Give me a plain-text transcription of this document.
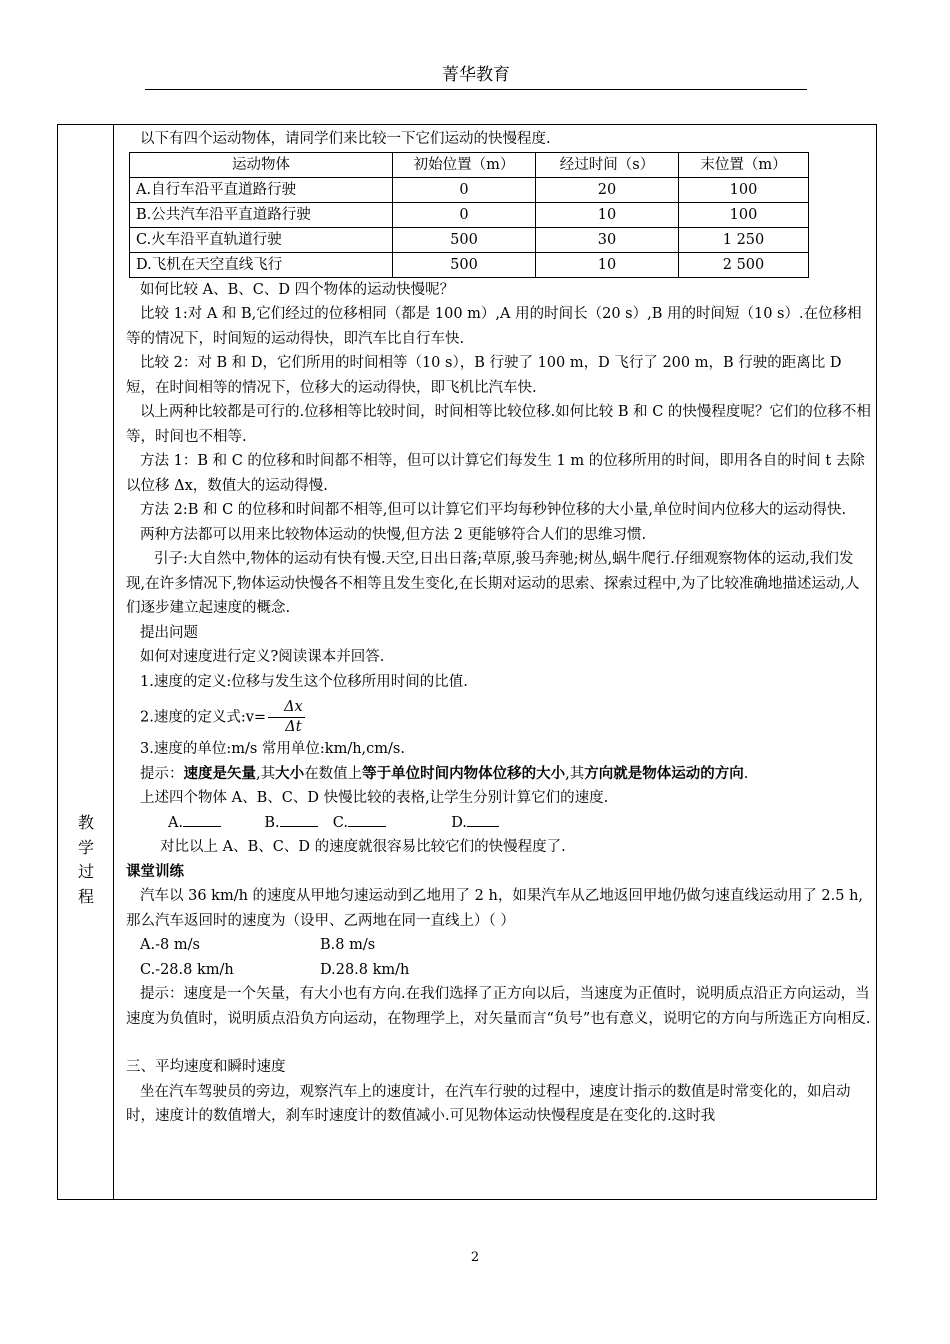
菁华教育
教
学
过
程

以下有四个运动物体，请同学们来比较一下它们运动的快慢程度.

运动物体	初始位置（m）	经过时间（s）	末位置（m）
A.自行车沿平直道路行驶	0	20	100
B.公共汽车沿平直道路行驶	0	10	100
C.火车沿平直轨道行驶	500	30	1 250
D.飞机在天空直线飞行	500	10	2 500

如何比较 A、B、C、D 四个物体的运动快慢呢？

比较 1:对 A 和 B,它们经过的位移相同（都是 100 m）,A 用的时间长（20 s）,B 用的时间短（10 s）.在位移相等的情况下，时间短的运动得快，即汽车比自行车快.

比较 2：对 B 和 D，它们所用的时间相等（10 s），B 行驶了 100 m，D 飞行了 200 m，B 行驶的距离比 D 短，在时间相等的情况下，位移大的运动得快，即飞机比汽车快.

以上两种比较都是可行的.位移相等比较时间，时间相等比较位移.如何比较 B 和 C 的快慢程度呢？它们的位移不相等，时间也不相等.

方法 1：B 和 C 的位移和时间都不相等，但可以计算它们每发生 1 m 的位移所用的时间，即用各自的时间 t 去除以位移 Δx，数值大的运动得慢.

方法 2:B 和 C 的位移和时间都不相等,但可以计算它们平均每秒钟位移的大小量,单位时间内位移大的运动得快.

两种方法都可以用来比较物体运动的快慢,但方法 2 更能够符合人们的思维习惯.

引子:大自然中,物体的运动有快有慢.天空,日出日落;草原,骏马奔驰;树丛,蜗牛爬行.仔细观察物体的运动,我们发现,在许多情况下,物体运动快慢各不相等且发生变化,在长期对运动的思索、探索过程中,为了比较准确地描述运动,人们逐步建立起速度的概念.

提出问题

如何对速度进行定义?阅读课本并回答.

1.速度的定义:位移与发生这个位移所用时间的比值.

2.速度的定义式:v= $\frac{\Delta x}{\Delta t}$

3.速度的单位:m/s 常用单位:km/h,cm/s.

提示：速度是矢量,其大小在数值上等于单位时间内物体位移的大小,其方向就是物体运动的方向.

上述四个物体 A、B、C、D 快慢比较的表格,让学生分别计算它们的速度.

A.	B.	C.	D.

对比以上 A、B、C、D 的速度就很容易比较它们的快慢程度了.

课堂训练

汽车以 36 km/h 的速度从甲地匀速运动到乙地用了 2 h，如果汽车从乙地返回甲地仍做匀速直线运动用了 2.5 h,那么汽车返回时的速度为（设甲、乙两地在同一直线上）（ ）

A.-8 m/s	B.8 m/s

C.-28.8 km/h	D.28.8 km/h

提示：速度是一个矢量，有大小也有方向.在我们选择了正方向以后，当速度为正值时，说明质点沿正方向运动，当速度为负值时，说明质点沿负方向运动，在物理学上，对矢量而言“负号”也有意义，说明它的方向与所选正方向相反.

三、平均速度和瞬时速度

坐在汽车驾驶员的旁边，观察汽车上的速度计，在汽车行驶的过程中，速度计指示的数值是时常变化的，如启动时，速度计的数值增大，刹车时速度计的数值减小.可见物体运动快慢程度是在变化的.这时我

2
